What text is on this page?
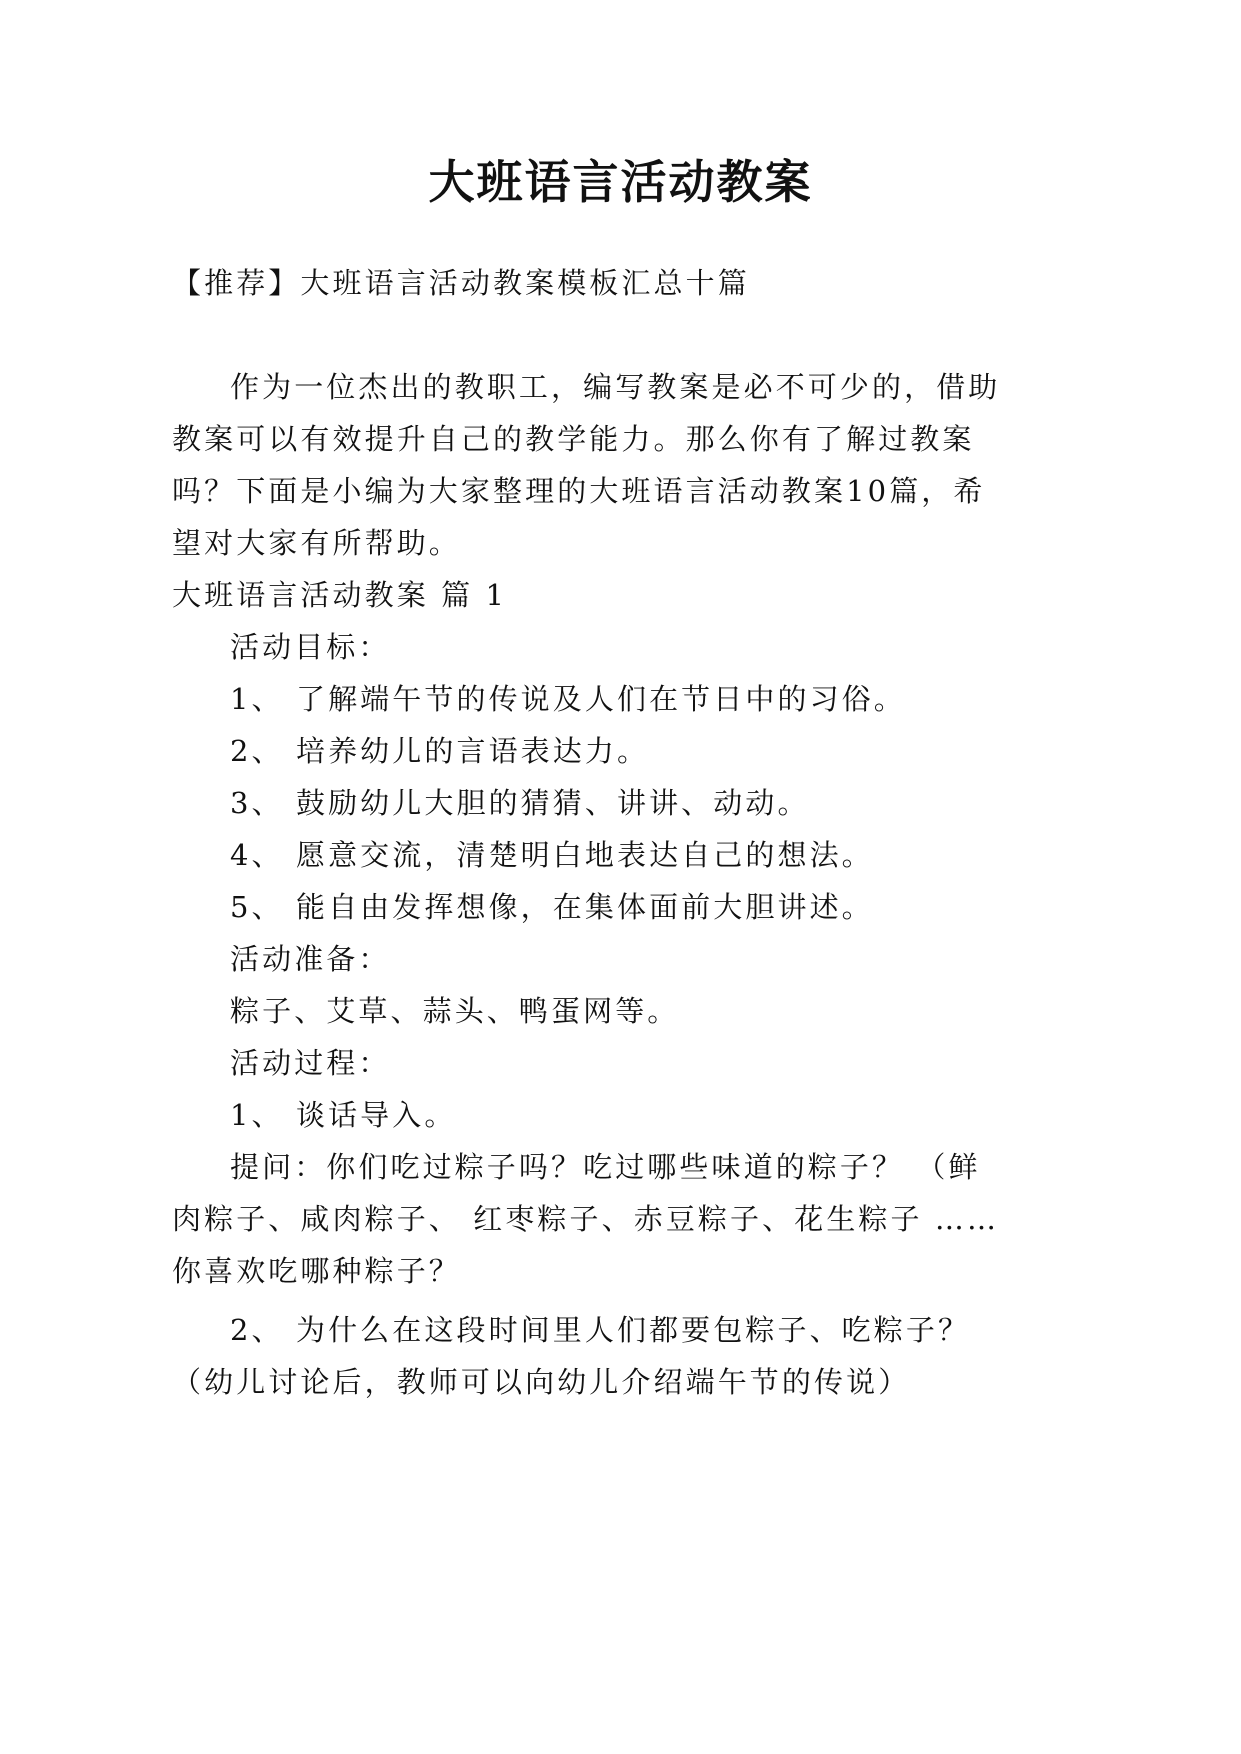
大班语言活动教案
【推荐】大班语言活动教案模板汇总十篇
作为一位杰出的教职工，编写教案是必不可少的，借助
教案可以有效提升自己的教学能力。那么你有了解过教案
吗？下面是小编为大家整理的大班语言活动教案10篇，希
望对大家有所帮助。
大班语言活动教案 篇 1
活动目标：
1、 了解端午节的传说及人们在节日中的习俗。
2、 培养幼儿的言语表达力。
3、 鼓励幼儿大胆的猜猜、讲讲、动动。
4、 愿意交流，清楚明白地表达自己的想法。
5、 能自由发挥想像，在集体面前大胆讲述。
活动准备：
粽子、艾草、蒜头、鸭蛋网等。
活动过程：
1、 谈话导入。
提问：你们吃过粽子吗？吃过哪些味道的粽子？ （鲜
肉粽子、咸肉粽子、 红枣粽子、赤豆粽子、花生粽子 ……
你喜欢吃哪种粽子？
2、 为什么在这段时间里人们都要包粽子、吃粽子？
（幼儿讨论后，教师可以向幼儿介绍端午节的传说）
